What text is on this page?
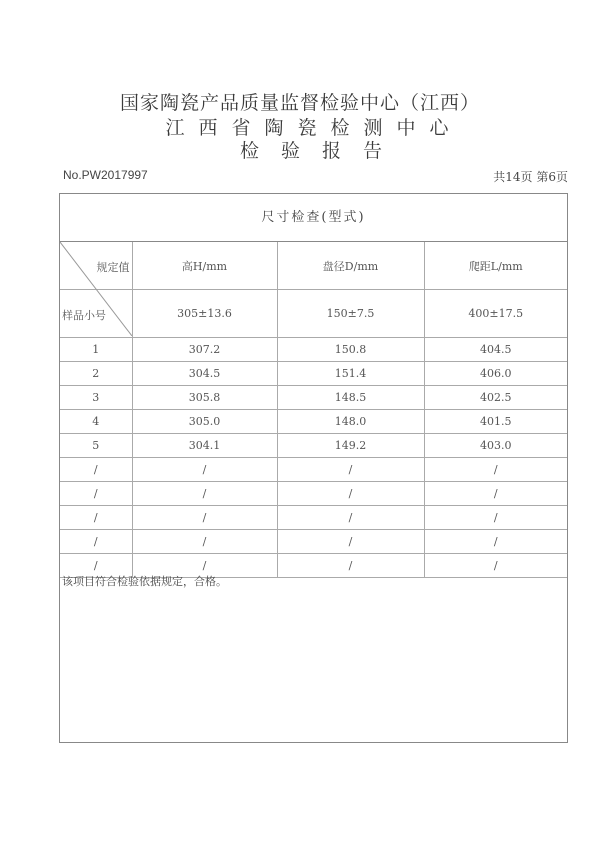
国家陶瓷产品质量监督检验中心（江西）
江西省陶瓷检测中心
检验报告
No.PW2017997	共14页 第6页
尺寸检查(型式)
规定值	高H/mm	盘径D/mm	爬距L/mm

样品小号	305±13.6	150±7.5	400±17.5
1	307.2	150.8	404.5
2	304.5	151.4	406.0
3	305.8	148.5	402.5
4	305.0	148.0	401.5
5	304.1	149.2	403.0
/	/	/	/
/	/	/	/
/	/	/	/
/	/	/	/
/	/	/	/
该项目符合检验依据规定，合格。
